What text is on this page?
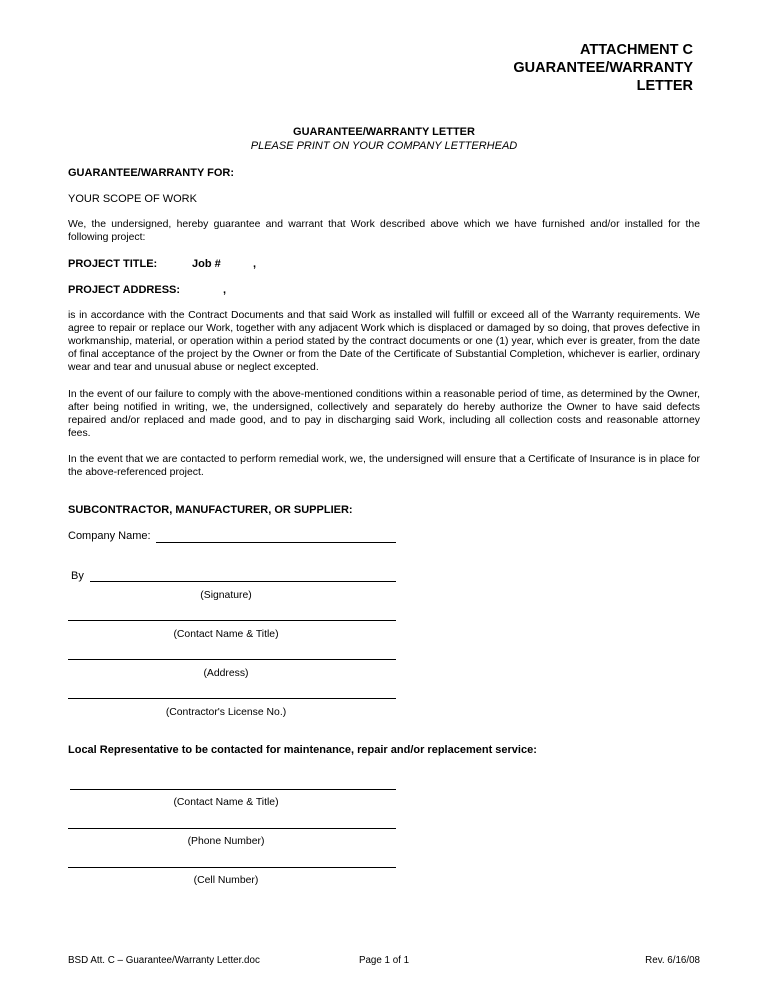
ATTACHMENT C
GUARANTEE/WARRANTY
LETTER
GUARANTEE/WARRANTY LETTER
PLEASE PRINT ON YOUR COMPANY LETTERHEAD
GUARANTEE/WARRANTY FOR:
YOUR SCOPE OF WORK
We, the undersigned, hereby guarantee and warrant that Work described above which we have furnished and/or installed for the following project:
PROJECT TITLE:	Job #	,
PROJECT ADDRESS:	,
is in accordance with the Contract Documents and that said Work as installed will fulfill or exceed all of the Warranty requirements. We agree to repair or replace our Work, together with any adjacent Work which is displaced or damaged by so doing, that proves defective in workmanship, material, or operation within a period stated by the contract documents or one (1) year, which ever is greater, from the date of final acceptance of the project by the Owner or from the Date of the Certificate of Substantial Completion, whichever is earlier, ordinary wear and tear and unusual abuse or neglect excepted.
In the event of our failure to comply with the above-mentioned conditions within a reasonable period of time, as determined by the Owner, after being notified in writing, we, the undersigned, collectively and separately do hereby authorize the Owner to have said defects repaired and/or replaced and made good, and to pay in discharging said Work, including all collection costs and reasonable attorney fees.
In the event that we are contacted to perform remedial work, we, the undersigned will ensure that a Certificate of Insurance is in place for the above-referenced project.
SUBCONTRACTOR, MANUFACTURER, OR SUPPLIER:
Company Name:
By
(Signature)
(Contact Name & Title)
(Address)
(Contractor's License No.)
Local Representative to be contacted for maintenance, repair and/or replacement service:
(Contact Name & Title)
(Phone Number)
(Cell Number)
BSD Att. C – Guarantee/Warranty Letter.doc	Page 1 of 1	Rev. 6/16/08
